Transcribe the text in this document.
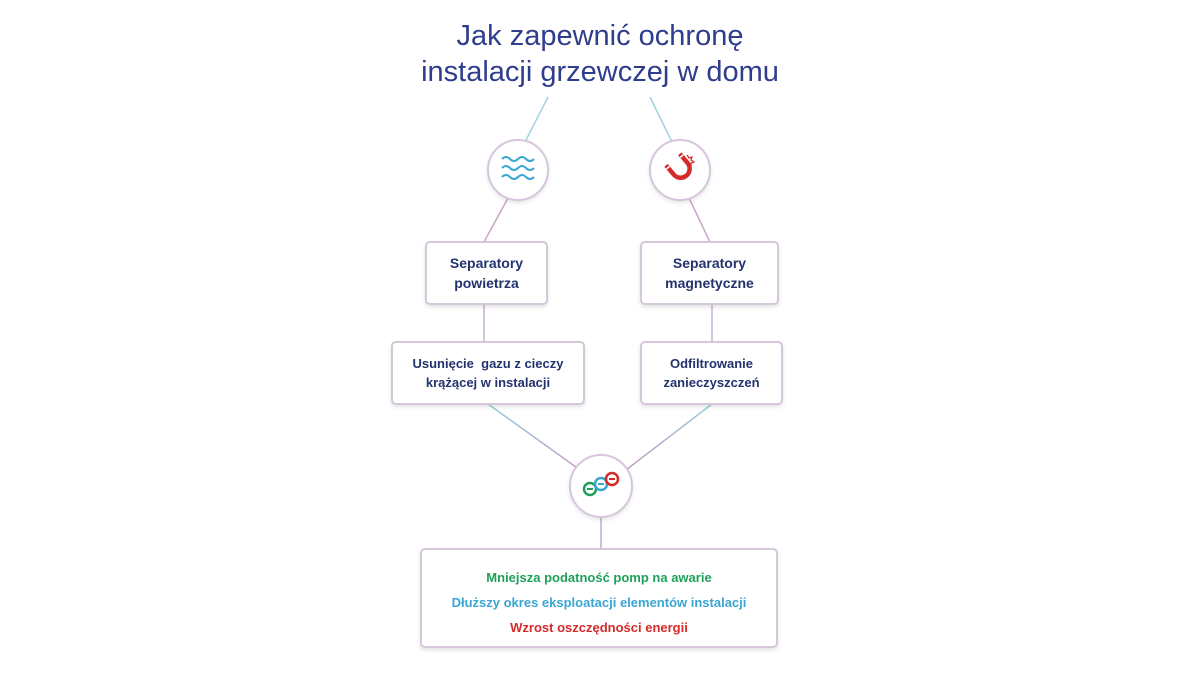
Jak zapewnić ochronę
instalacji grzewczej w domu
Separatory
powietrza
Separatory
magnetyczne
Usunięcie  gazu z cieczy
krążącej w instalacji
Odfiltrowanie
zanieczyszczeń
Mniejsza podatność pomp na awarie
Dłuższy okres eksploatacji elementów instalacji
Wzrost oszczędności energii
